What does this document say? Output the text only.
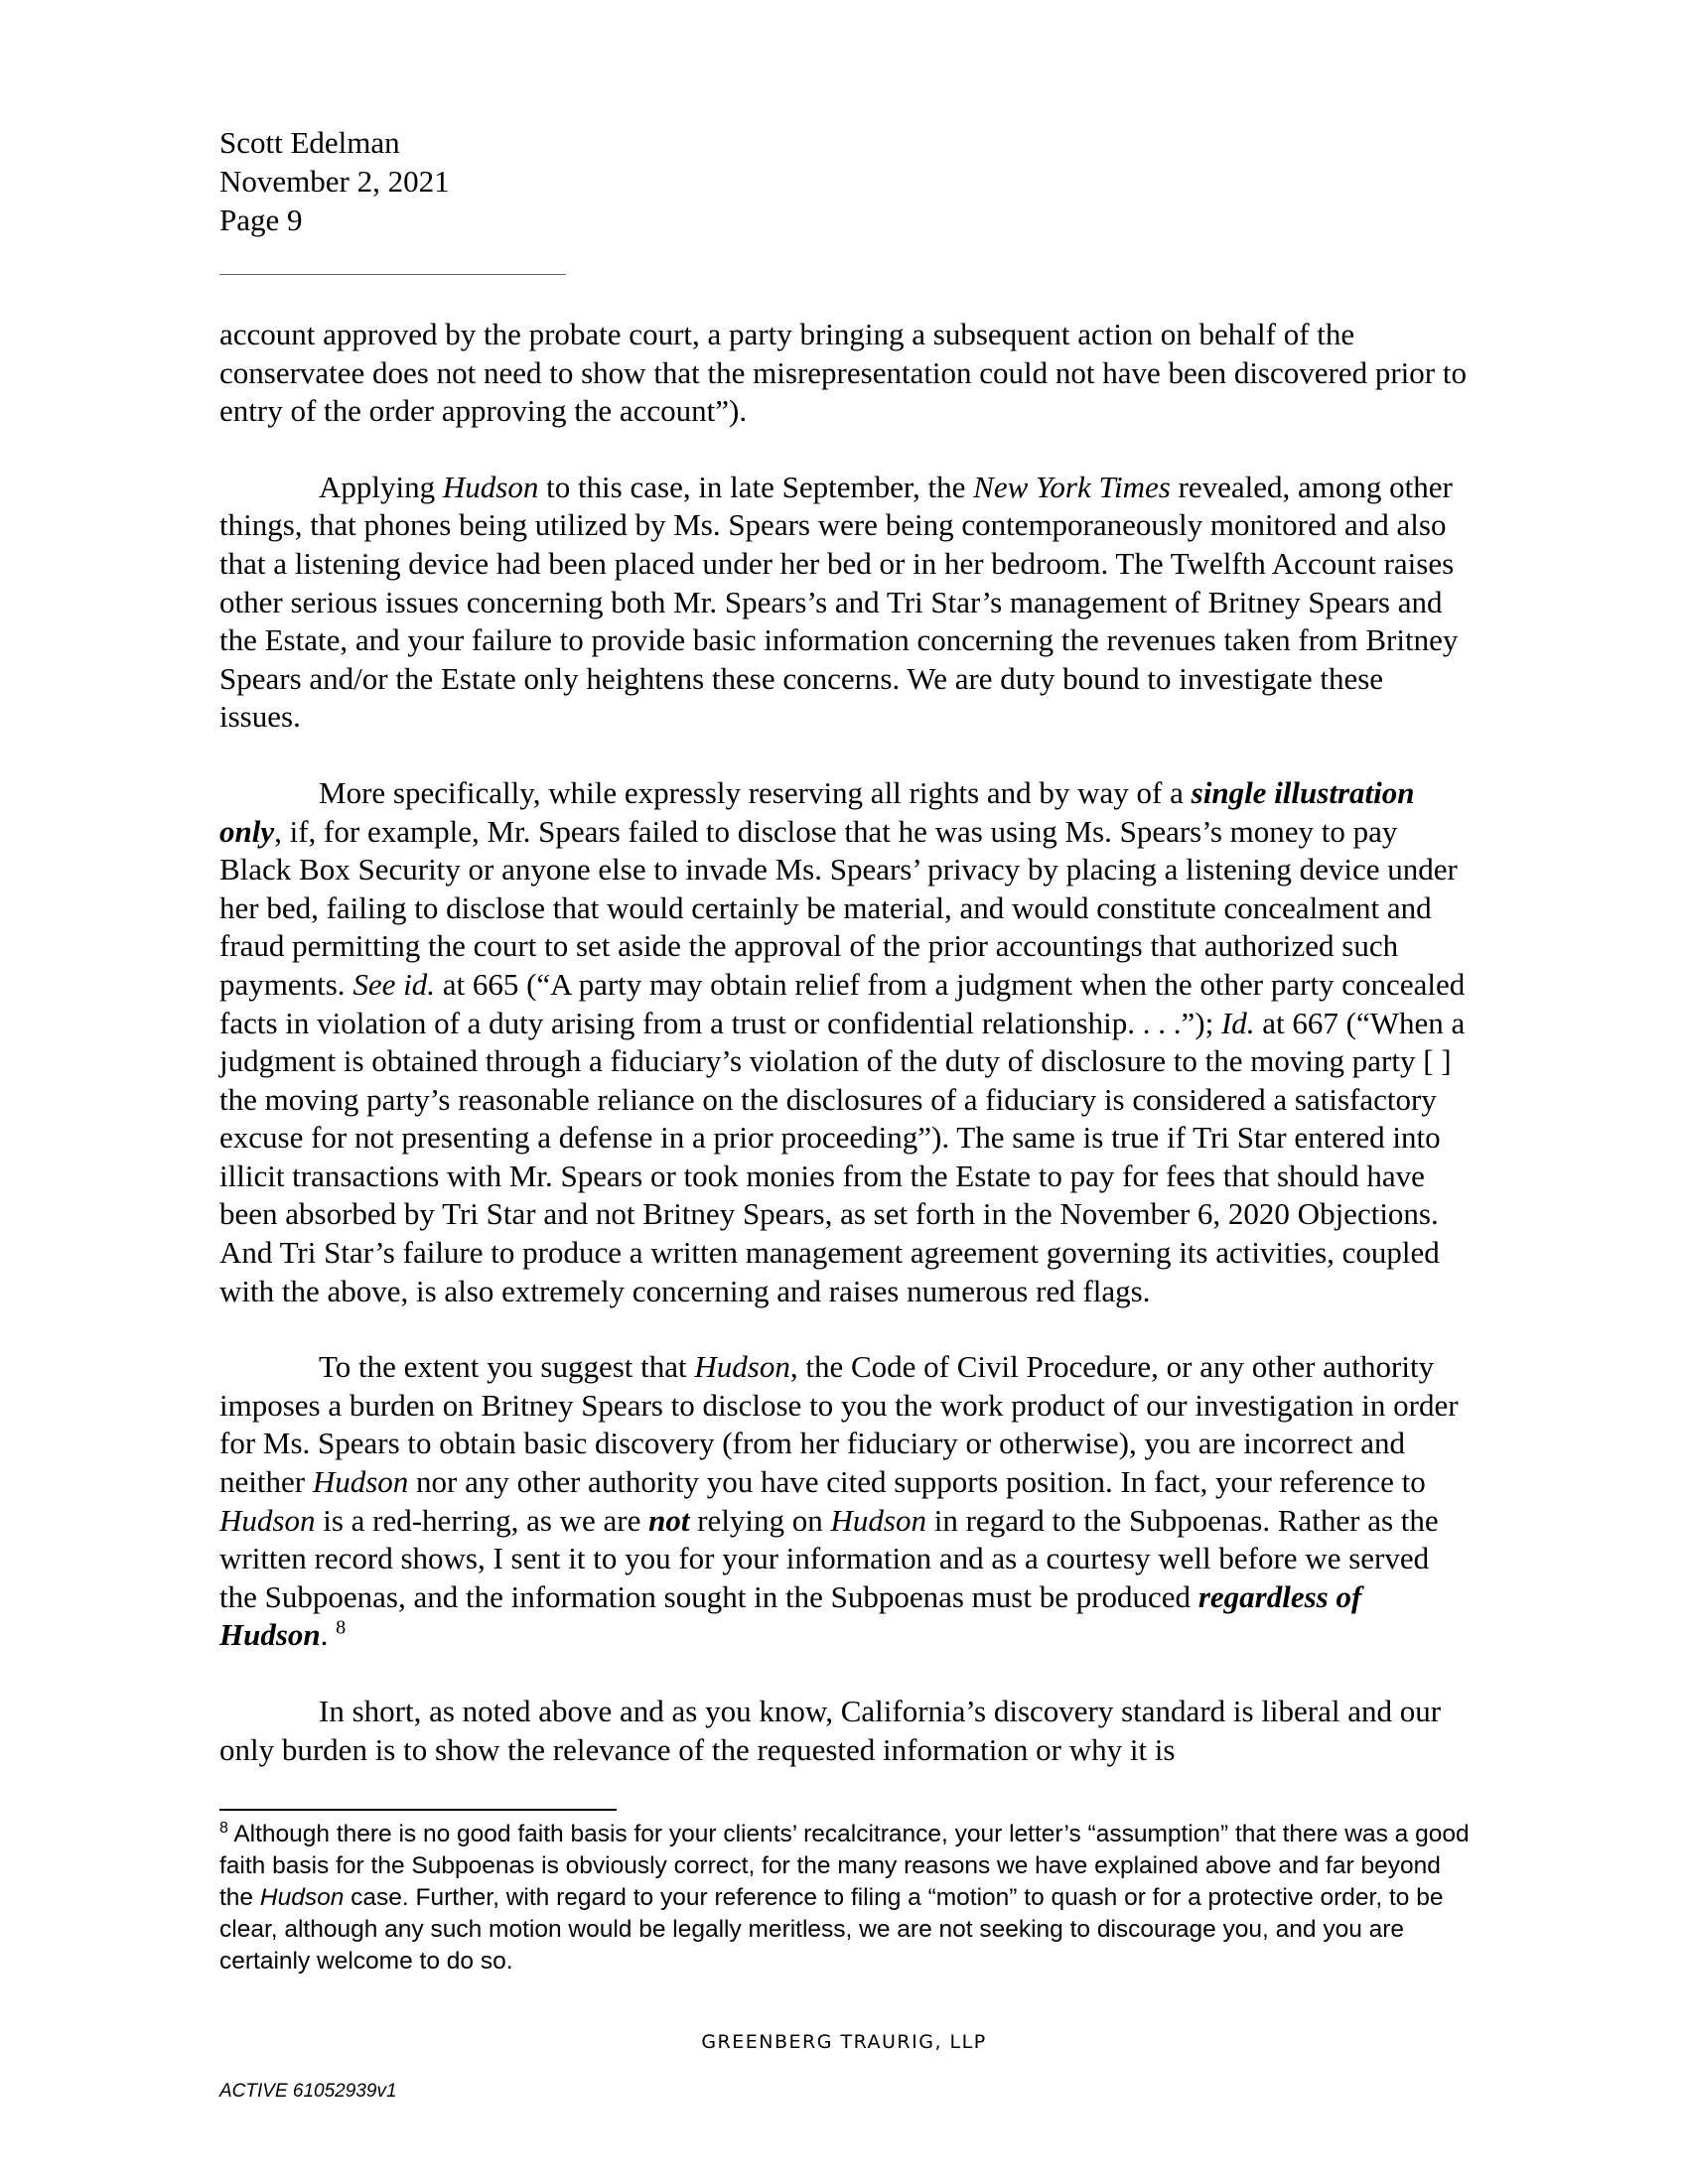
Scott Edelman
November 2, 2021
Page 9

account approved by the probate court, a party bringing a subsequent action on behalf of the conservatee does not need to show that the misrepresentation could not have been discovered prior to entry of the order approving the account”).

Applying Hudson to this case, in late September, the New York Times revealed, among other things, that phones being utilized by Ms. Spears were being contemporaneously monitored and also that a listening device had been placed under her bed or in her bedroom. The Twelfth Account raises other serious issues concerning both Mr. Spears’s and Tri Star’s management of Britney Spears and the Estate, and your failure to provide basic information concerning the revenues taken from Britney Spears and/or the Estate only heightens these concerns. We are duty bound to investigate these issues.

More specifically, while expressly reserving all rights and by way of a single illustration only, if, for example, Mr. Spears failed to disclose that he was using Ms. Spears’s money to pay Black Box Security or anyone else to invade Ms. Spears’ privacy by placing a listening device under her bed, failing to disclose that would certainly be material, and would constitute concealment and fraud permitting the court to set aside the approval of the prior accountings that authorized such payments. See id. at 665 (“A party may obtain relief from a judgment when the other party concealed facts in violation of a duty arising from a trust or confidential relationship. . . .”); Id. at 667 (“When a judgment is obtained through a fiduciary’s violation of the duty of disclosure to the moving party [ ] the moving party’s reasonable reliance on the disclosures of a fiduciary is considered a satisfactory excuse for not presenting a defense in a prior proceeding”). The same is true if Tri Star entered into illicit transactions with Mr. Spears or took monies from the Estate to pay for fees that should have been absorbed by Tri Star and not Britney Spears, as set forth in the November 6, 2020 Objections. And Tri Star’s failure to produce a written management agreement governing its activities, coupled with the above, is also extremely concerning and raises numerous red flags.

To the extent you suggest that Hudson, the Code of Civil Procedure, or any other authority imposes a burden on Britney Spears to disclose to you the work product of our investigation in order for Ms. Spears to obtain basic discovery (from her fiduciary or otherwise), you are incorrect and neither Hudson nor any other authority you have cited supports position. In fact, your reference to Hudson is a red-herring, as we are not relying on Hudson in regard to the Subpoenas. Rather as the written record shows, I sent it to you for your information and as a courtesy well before we served the Subpoenas, and the information sought in the Subpoenas must be produced regardless of Hudson. $^8$

In short, as noted above and as you know, California’s discovery standard is liberal and our only burden is to show the relevance of the requested information or why it is

$^8$ Although there is no good faith basis for your clients’ recalcitrance, your letter’s “assumption” that there was a good faith basis for the Subpoenas is obviously correct, for the many reasons we have explained above and far beyond the Hudson case. Further, with regard to your reference to filing a “motion” to quash or for a protective order, to be clear, although any such motion would be legally meritless, we are not seeking to discourage you, and you are certainly welcome to do so.

GREENBERG TRAURIG, LLP
ACTIVE 61052939v1
